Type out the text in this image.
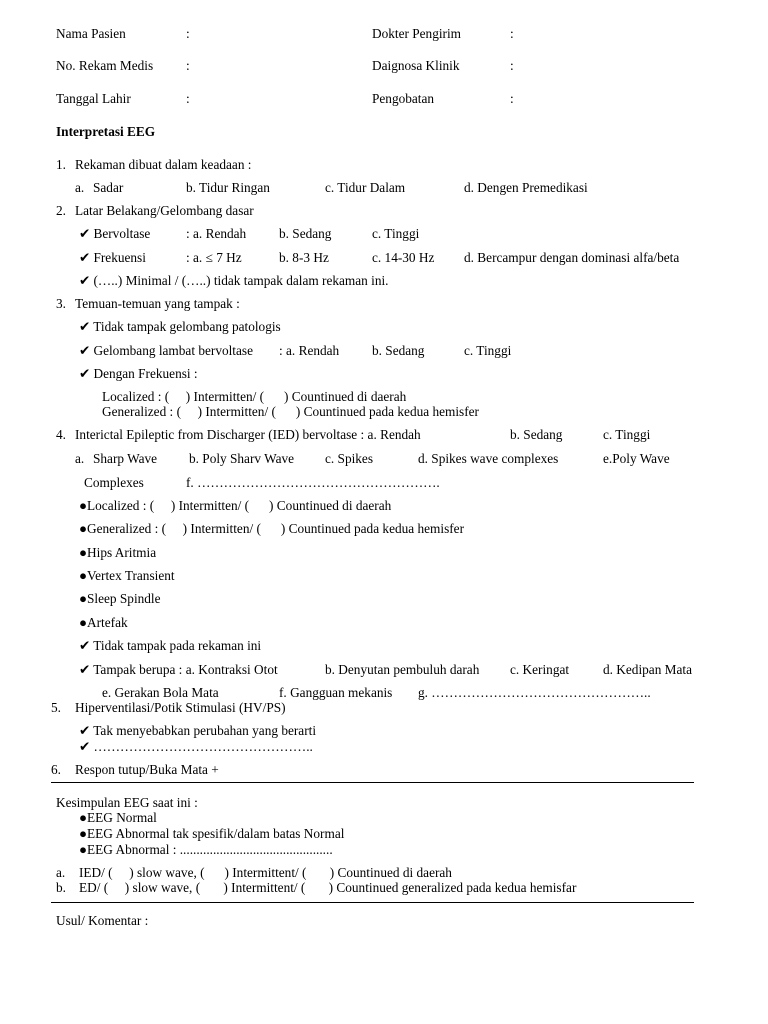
Nama Pasien	:	Dokter Pengirim	:
No. Rekam Medis :	Daignosa Klinik	:
Tanggal Lahir	:	Pengobatan	:
Interpretasi EEG
1. Rekaman dibuat dalam keadaan :
a. Sadar	b. Tidur Ringan	c. Tidur Dalam	d. Dengen Premedikasi
2. Latar Belakang/Gelombang dasar
✔ Bervoltase	: a. Rendah b. Sedang	c. Tinggi
✔ Frekuensi	: a. ≤ 7 Hz	b. 8-3 Hz	c. 14-30 Hz d. Bercampur dengan dominasi alfa/beta
✔ (…..) Minimal / (…..) tidak tampak dalam rekaman ini.
3. Temuan-temuan yang tampak :
✔ Tidak tampak gelombang patologis
✔ Gelombang lambat bervoltase : a. Rendah b. Sedang	c. Tinggi
✔ Dengan Frekuensi :
Localized : (     ) Intermitten/ (      ) Countinued di daerah
Generalized : (     ) Intermitten/ (      ) Countinued pada kedua hemisfer
4. Interictal Epileptic from Discharger (IED) bervoltase : a. Rendah	b. Sedang	c. Tinggi
a. Sharp Wave b. Poly Sharv Wave c. Spikes	d. Spikes wave complexes	e.Poly Wave
Complexes	f. ……………………………………………….
●Localized : (     ) Intermitten/ (      ) Countinued di daerah
●Generalized : (     ) Intermitten/ (      ) Countinued pada kedua hemisfer
●Hips Aritmia
●Vertex Transient
●Sleep Spindle
●Artefak
✔ Tidak tampak pada rekaman ini
✔ Tampak berupa : a. Kontraksi Otot	b. Denyutan pembuluh darah c. Keringat	d. Kedipan Mata
e. Gerakan Bola Mata	f. Gangguan mekanis g. …………………………………………..
5. Hiperventilasi/Potik Stimulasi (HV/PS)
✔ Tak menyebabkan perubahan yang berarti
✔ …………………………………………..
6. Respon tutup/Buka Mata +
Kesimpulan EEG saat ini :
●EEG Normal
●EEG Abnormal tak spesifik/dalam batas Normal
●EEG Abnormal : ..............................................
a. IED/ (     ) slow wave, (      ) Intermittent/ (       ) Countinued di daerah
b. ED/ (     ) slow wave, (       ) Intermittent/ (       ) Countinued generalized pada kedua hemisfar
Usul/ Komentar :
